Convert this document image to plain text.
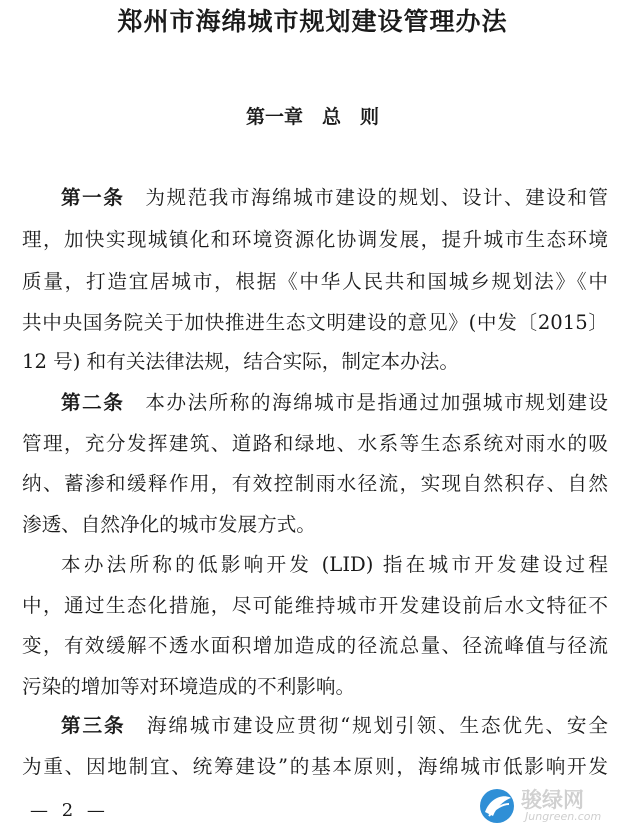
郑州市海绵城市规划建设管理办法
第一章　总　则
第一条　为规范我市海绵城市建设的规划、设计、建设和管
理，加快实现城镇化和环境资源化协调发展，提升城市生态环境
质量，打造宜居城市，根据《中华人民共和国城乡规划法》《中
共中央国务院关于加快推进生态文明建设的意见》(中发〔2015〕
12 号) 和有关法律法规，结合实际，制定本办法。
第二条　本办法所称的海绵城市是指通过加强城市规划建设
管理，充分发挥建筑、道路和绿地、水系等生态系统对雨水的吸
纳、蓄渗和缓释作用，有效控制雨水径流，实现自然积存、自然
渗透、自然净化的城市发展方式。
本办法所称的低影响开发 (LID) 指在城市开发建设过程
中，通过生态化措施，尽可能维持城市开发建设前后水文特征不
变，有效缓解不透水面积增加造成的径流总量、径流峰值与径流
污染的增加等对环境造成的不利影响。
第三条　海绵城市建设应贯彻“规划引领、生态优先、安全
为重、因地制宜、统筹建设”的基本原则，海绵城市低影响开发
— 2 —	骏绿网
Jungreen.com
